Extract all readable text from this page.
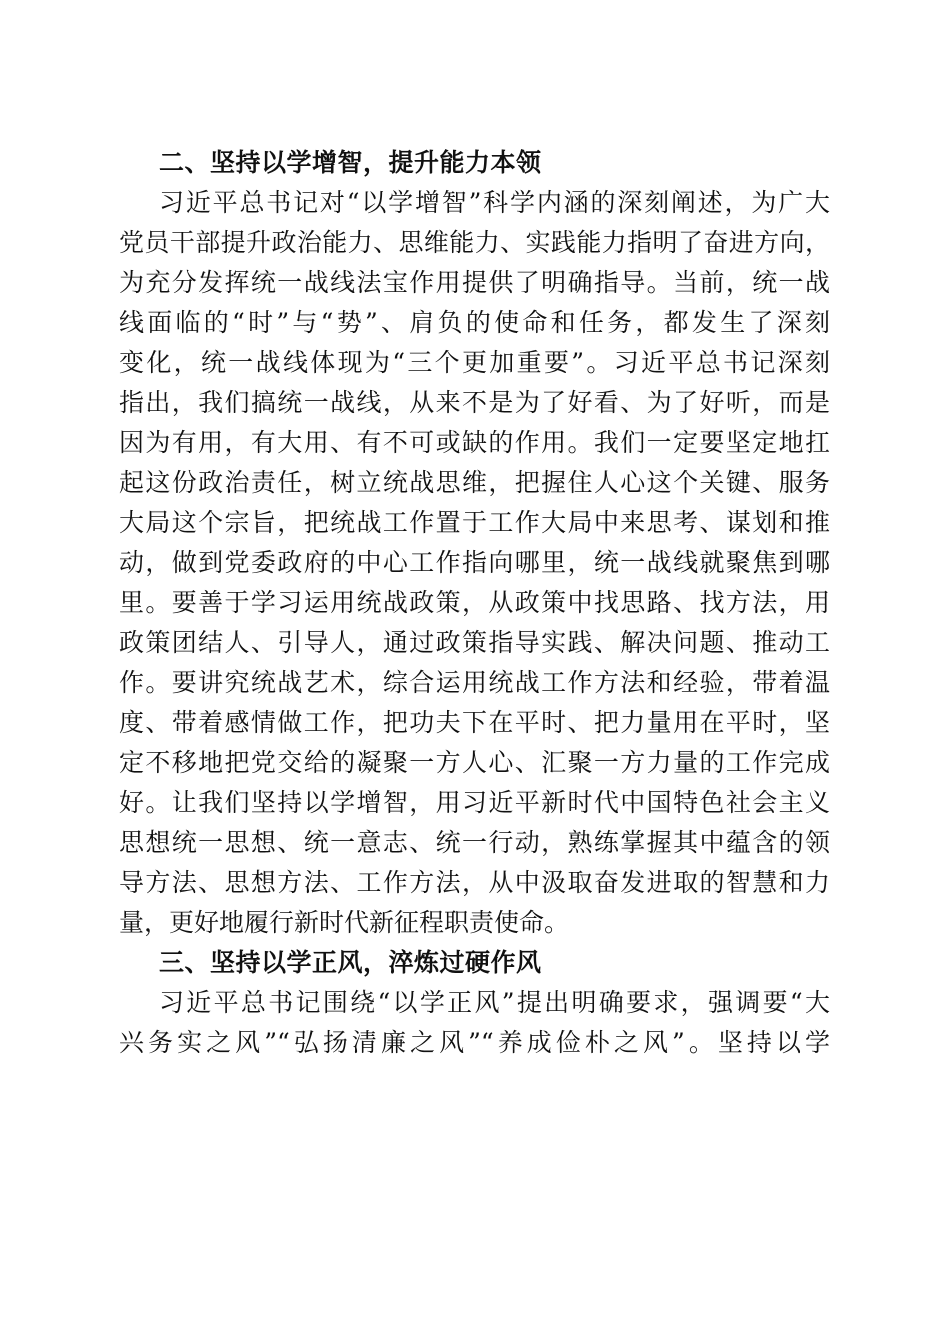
二、坚持以学增智，提升能力本领

习近平总书记对“以学增智”科学内涵的深刻阐述，为广大
党员干部提升政治能力、思维能力、实践能力指明了奋进方向，
为充分发挥统一战线法宝作用提供了明确指导。当前，统一战
线面临的“时”与“势”、肩负的使命和任务，都发生了深刻
变化，统一战线体现为“三个更加重要”。习近平总书记深刻
指出，我们搞统一战线，从来不是为了好看、为了好听，而是
因为有用，有大用、有不可或缺的作用。我们一定要坚定地扛
起这份政治责任，树立统战思维，把握住人心这个关键、服务
大局这个宗旨，把统战工作置于工作大局中来思考、谋划和推
动，做到党委政府的中心工作指向哪里，统一战线就聚焦到哪
里。要善于学习运用统战政策，从政策中找思路、找方法，用
政策团结人、引导人，通过政策指导实践、解决问题、推动工
作。要讲究统战艺术，综合运用统战工作方法和经验，带着温
度、带着感情做工作，把功夫下在平时、把力量用在平时，坚
定不移地把党交给的凝聚一方人心、汇聚一方力量的工作完成
好。让我们坚持以学增智，用习近平新时代中国特色社会主义
思想统一思想、统一意志、统一行动，熟练掌握其中蕴含的领
导方法、思想方法、工作方法，从中汲取奋发进取的智慧和力
量，更好地履行新时代新征程职责使命。

三、坚持以学正风，淬炼过硬作风

习近平总书记围绕“以学正风”提出明确要求，强调要“大
兴务实之风”“弘扬清廉之风”“养成俭朴之风”。坚持以学
